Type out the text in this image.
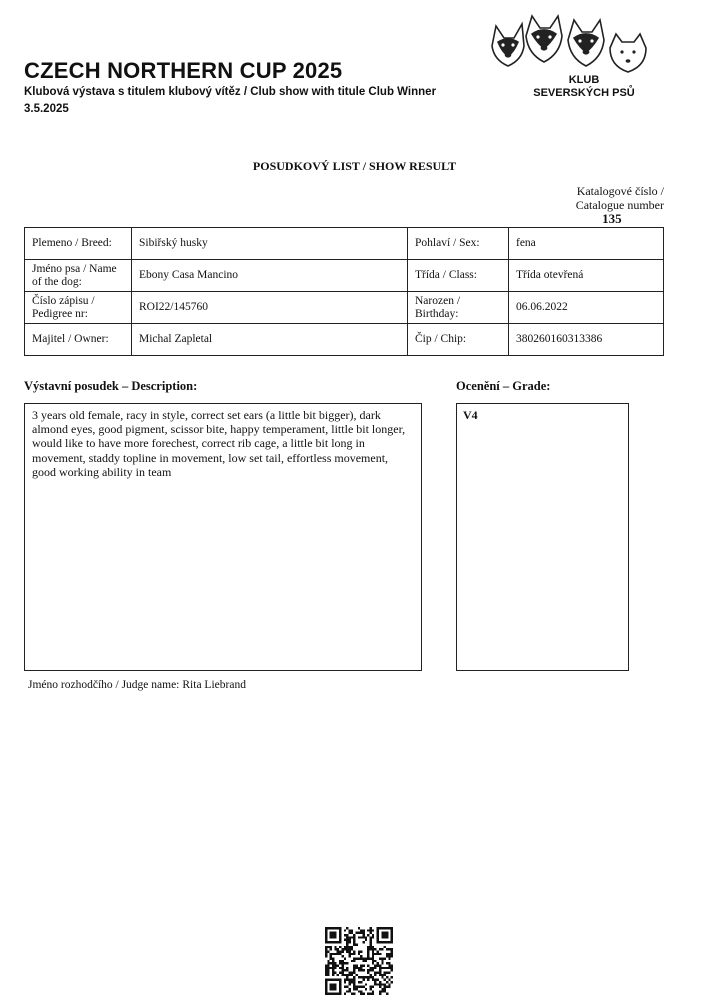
CZECH NORTHERN CUP 2025
Klubová výstava s titulem klubový vítěz / Club show with titule Club Winner
3.5.2025
KLUB
SEVERSKÝCH PSŮ
POSUDKOVÝ LIST / SHOW RESULT
Katalogové číslo /
Catalogue number
135
Plemeno / Breed:	Sibiřský husky	Pohlaví / Sex:	fena
Jméno psa / Name of the dog:	Ebony Casa Mancino	Třída / Class:	Třída otevřená
Číslo zápisu / Pedigree nr:	ROI22/145760	Narozen / Birthday:	06.06.2022
Majitel / Owner:	Michal Zapletal	Čip / Chip:	380260160313386
Výstavní posudek – Description:	Ocenění – Grade:
3 years old female, racy in style, correct set ears (a little bit bigger), dark almond eyes, good pigment, scissor bite, happy temperament, little bit longer, would like to have more forechest, correct rib cage, a little bit long in movement, staddy topline in movement, low set tail, effortless movement, good working ability in team
V4
Jméno rozhodčího / Judge name: Rita Liebrand
